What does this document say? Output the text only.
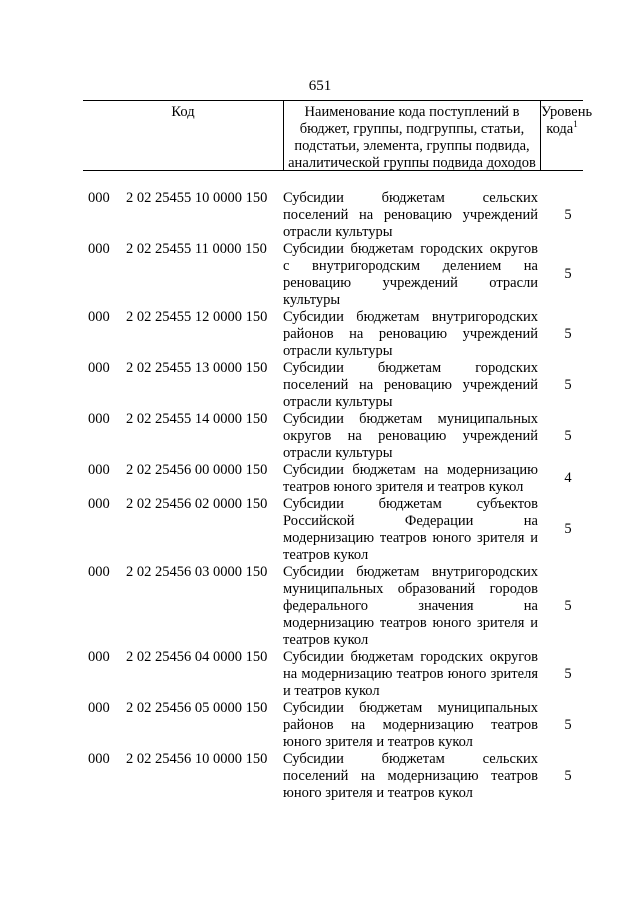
651
Код	Наименование кода поступлений в бюджет, группы, подгруппы, статьи, подстатьи, элемента, группы подвида, аналитической группы подвида доходов
Уровень кода$^1$
000 2 02 25455 10 0000 150 Субсидии бюджетам сельских поселений на реновацию учреждений отрасли культуры
5
000 2 02 25455 11 0000 150 Субсидии бюджетам городских округов с внутригородским делением на реновацию учреждений отрасли культуры
5
000 2 02 25455 12 0000 150 Субсидии бюджетам внутригородских районов на реновацию учреждений отрасли культуры
5
000 2 02 25455 13 0000 150 Субсидии бюджетам городских поселений на реновацию учреждений отрасли культуры
5
000 2 02 25455 14 0000 150 Субсидии бюджетам муниципальных округов на реновацию учреждений отрасли культуры
5
000 2 02 25456 00 0000 150 Субсидии бюджетам на модернизацию театров юного зрителя и театров кукол
4
000 2 02 25456 02 0000 150 Субсидии бюджетам субъектов Российской Федерации на модернизацию театров юного зрителя и театров кукол
5
000 2 02 25456 03 0000 150 Субсидии бюджетам внутригородских муниципальных образований городов федерального значения на модернизацию театров юного зрителя и театров кукол
5
000 2 02 25456 04 0000 150 Субсидии бюджетам городских округов на модернизацию театров юного зрителя и театров кукол
5
000 2 02 25456 05 0000 150 Субсидии бюджетам муниципальных районов на модернизацию театров юного зрителя и театров кукол
5
000 2 02 25456 10 0000 150 Субсидии бюджетам сельских поселений на модернизацию театров юного зрителя и театров кукол
5
